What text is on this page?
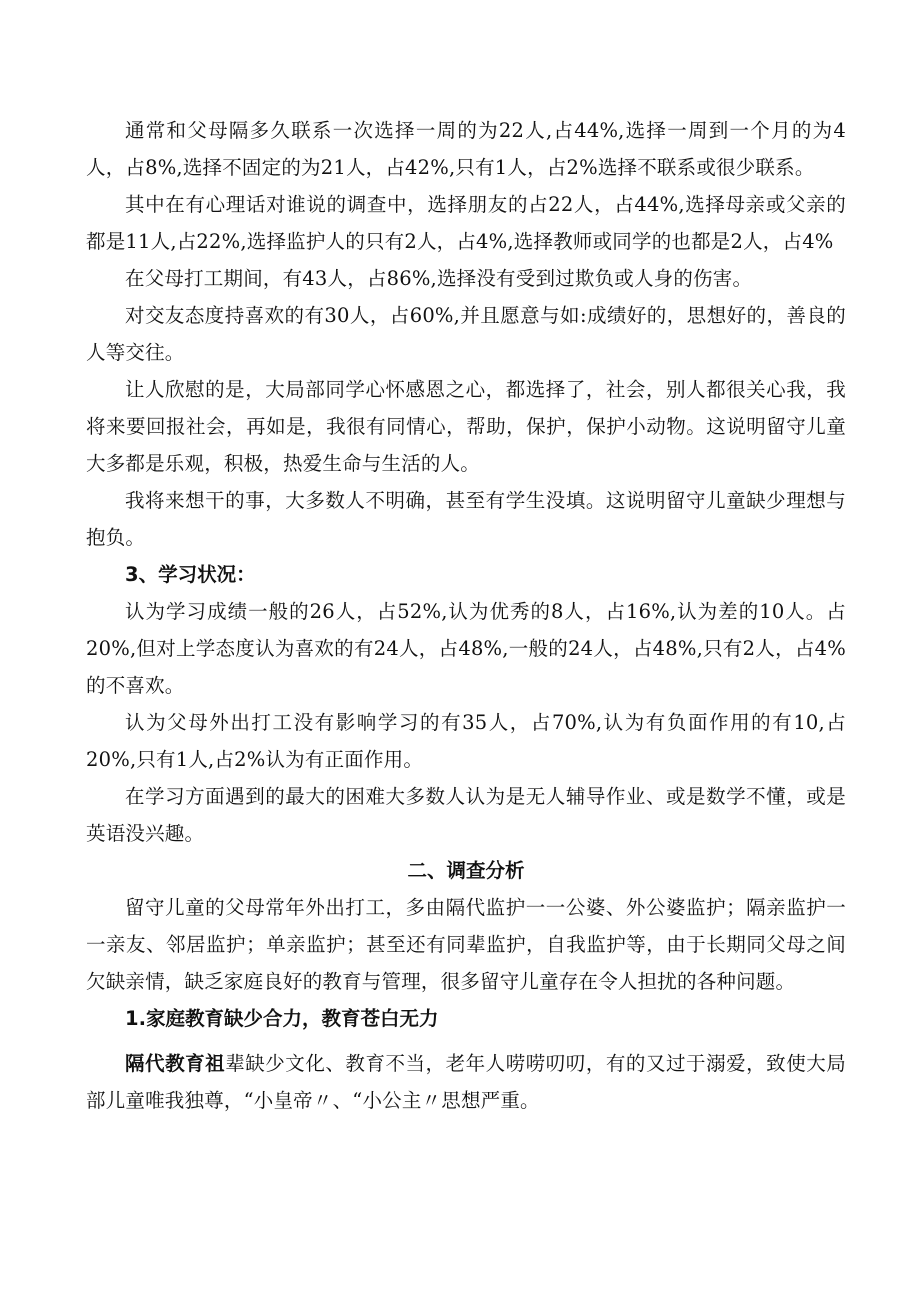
通常和父母隔多久联系一次选择一周的为22人,占44%,选择一周到一个月的为4人，占8%,选择不固定的为21人，占42%,只有1人，占2%选择不联系或很少联系。

其中在有心理话对谁说的调查中，选择朋友的占22人，占44%,选择母亲或父亲的都是11人,占22%,选择监护人的只有2人，占4%,选择教师或同学的也都是2人，占4%

在父母打工期间，有43人，占86%,选择没有受到过欺负或人身的伤害。

对交友态度持喜欢的有30人，占60%,并且愿意与如:成绩好的，思想好的，善良的人等交往。

让人欣慰的是，大局部同学心怀感恩之心，都选择了，社会，别人都很关心我，我将来要回报社会，再如是，我很有同情心，帮助，保护，保护小动物。这说明留守儿童大多都是乐观，积极，热爱生命与生活的人。

我将来想干的事，大多数人不明确，甚至有学生没填。这说明留守儿童缺少理想与抱负。

3、学习状况：

认为学习成绩一般的26人，占52%,认为优秀的8人，占16%,认为差的10人。占20%,但对上学态度认为喜欢的有24人，占48%,一般的24人，占48%,只有2人，占4%的不喜欢。

认为父母外出打工没有影响学习的有35人，占70%,认为有负面作用的有10,占20%,只有1人,占2%认为有正面作用。

在学习方面遇到的最大的困难大多数人认为是无人辅导作业、或是数学不懂，或是英语没兴趣。

二、调查分析

留守儿童的父母常年外出打工，多由隔代监护一一公婆、外公婆监护；隔亲监护一一亲友、邻居监护；单亲监护；甚至还有同辈监护，自我监护等，由于长期同父母之间欠缺亲情，缺乏家庭良好的教育与管理，很多留守儿童存在令人担扰的各种问题。

1.家庭教育缺少合力，教育苍白无力

隔代教育祖辈缺少文化、教育不当，老年人唠唠叨叨，有的又过于溺爱，致使大局部儿童唯我独尊，“小皇帝〃、“小公主〃思想严重。
